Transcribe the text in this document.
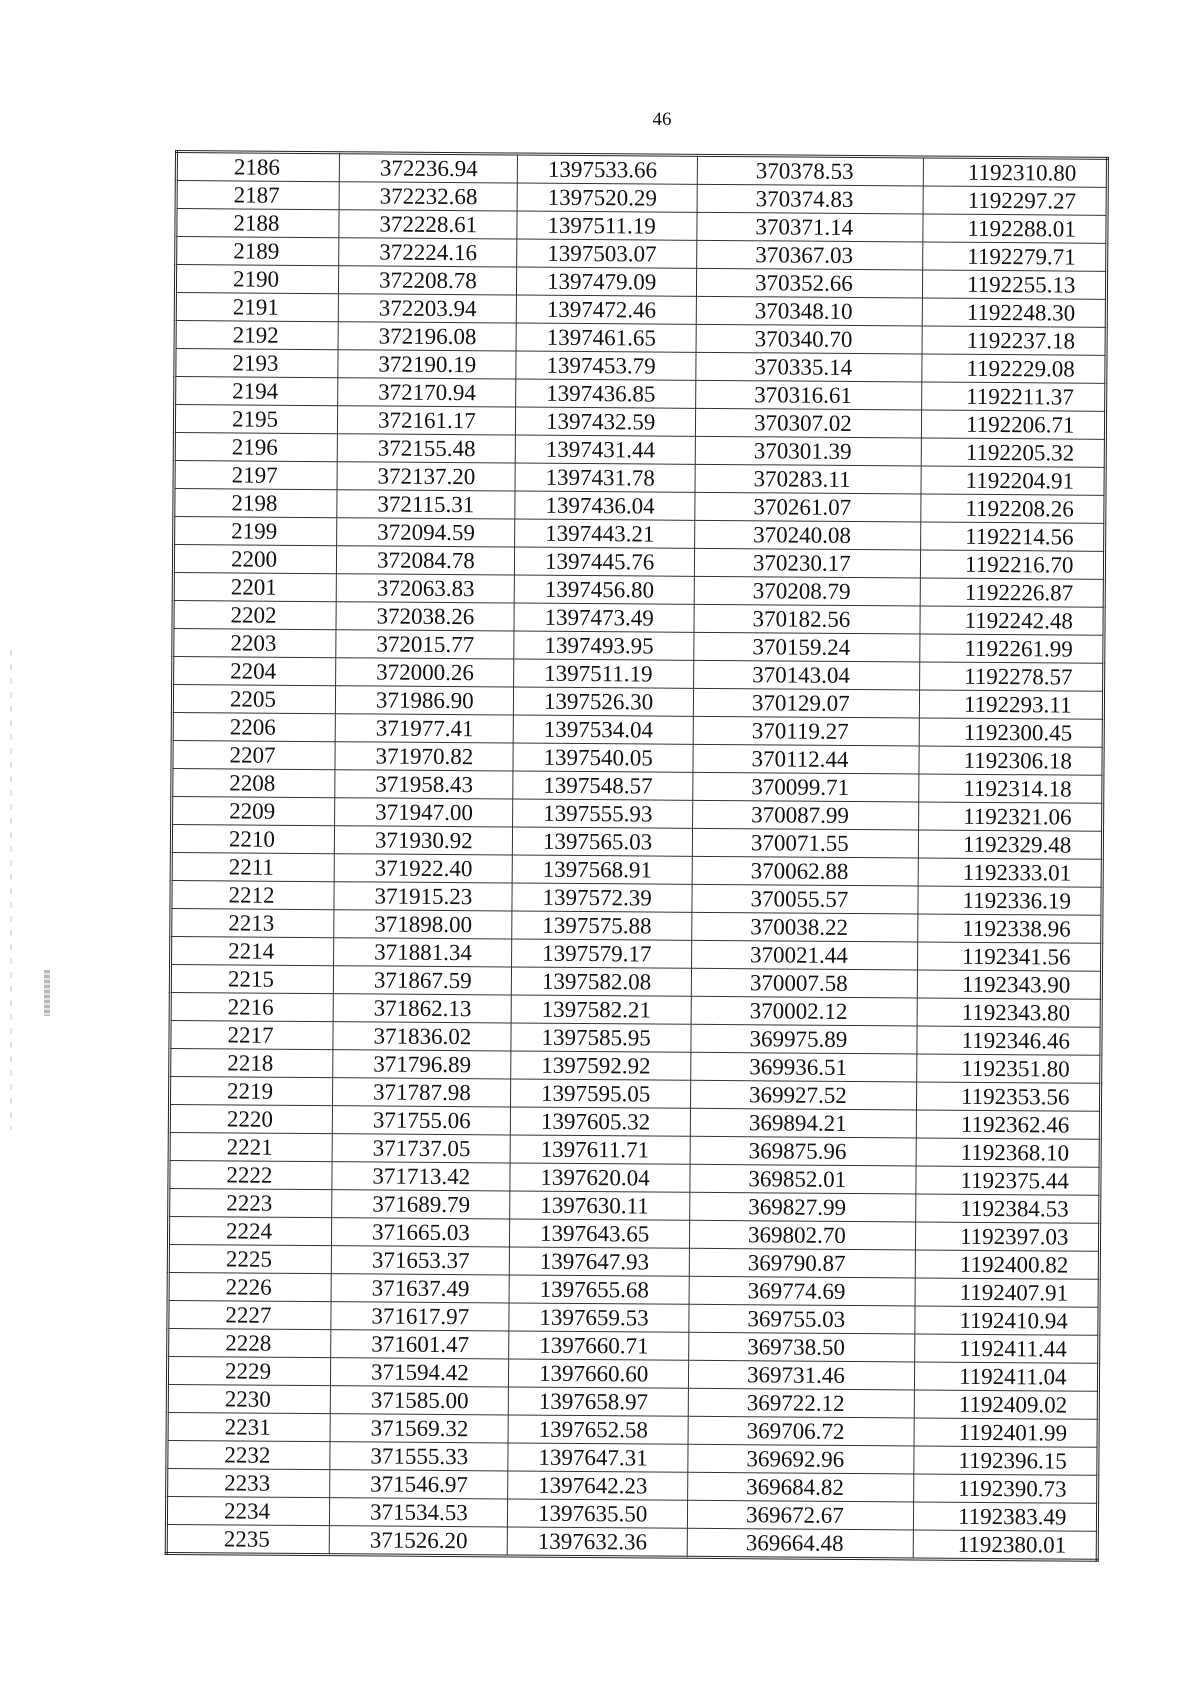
46
2186	372236.94	1397533.66	370378.53	1192310.80
2187	372232.68	1397520.29	370374.83	1192297.27
2188	372228.61	1397511.19	370371.14	1192288.01
2189	372224.16	1397503.07	370367.03	1192279.71
2190	372208.78	1397479.09	370352.66	1192255.13
2191	372203.94	1397472.46	370348.10	1192248.30
2192	372196.08	1397461.65	370340.70	1192237.18
2193	372190.19	1397453.79	370335.14	1192229.08
2194	372170.94	1397436.85	370316.61	1192211.37
2195	372161.17	1397432.59	370307.02	1192206.71
2196	372155.48	1397431.44	370301.39	1192205.32
2197	372137.20	1397431.78	370283.11	1192204.91
2198	372115.31	1397436.04	370261.07	1192208.26
2199	372094.59	1397443.21	370240.08	1192214.56
2200	372084.78	1397445.76	370230.17	1192216.70
2201	372063.83	1397456.80	370208.79	1192226.87
2202	372038.26	1397473.49	370182.56	1192242.48
2203	372015.77	1397493.95	370159.24	1192261.99
2204	372000.26	1397511.19	370143.04	1192278.57
2205	371986.90	1397526.30	370129.07	1192293.11
2206	371977.41	1397534.04	370119.27	1192300.45
2207	371970.82	1397540.05	370112.44	1192306.18
2208	371958.43	1397548.57	370099.71	1192314.18
2209	371947.00	1397555.93	370087.99	1192321.06
2210	371930.92	1397565.03	370071.55	1192329.48
2211	371922.40	1397568.91	370062.88	1192333.01
2212	371915.23	1397572.39	370055.57	1192336.19
2213	371898.00	1397575.88	370038.22	1192338.96
2214	371881.34	1397579.17	370021.44	1192341.56
2215	371867.59	1397582.08	370007.58	1192343.90
2216	371862.13	1397582.21	370002.12	1192343.80
2217	371836.02	1397585.95	369975.89	1192346.46
2218	371796.89	1397592.92	369936.51	1192351.80
2219	371787.98	1397595.05	369927.52	1192353.56
2220	371755.06	1397605.32	369894.21	1192362.46
2221	371737.05	1397611.71	369875.96	1192368.10
2222	371713.42	1397620.04	369852.01	1192375.44
2223	371689.79	1397630.11	369827.99	1192384.53
2224	371665.03	1397643.65	369802.70	1192397.03
2225	371653.37	1397647.93	369790.87	1192400.82
2226	371637.49	1397655.68	369774.69	1192407.91
2227	371617.97	1397659.53	369755.03	1192410.94
2228	371601.47	1397660.71	369738.50	1192411.44
2229	371594.42	1397660.60	369731.46	1192411.04
2230	371585.00	1397658.97	369722.12	1192409.02
2231	371569.32	1397652.58	369706.72	1192401.99
2232	371555.33	1397647.31	369692.96	1192396.15
2233	371546.97	1397642.23	369684.82	1192390.73
2234	371534.53	1397635.50	369672.67	1192383.49
2235	371526.20	1397632.36	369664.48	1192380.01
